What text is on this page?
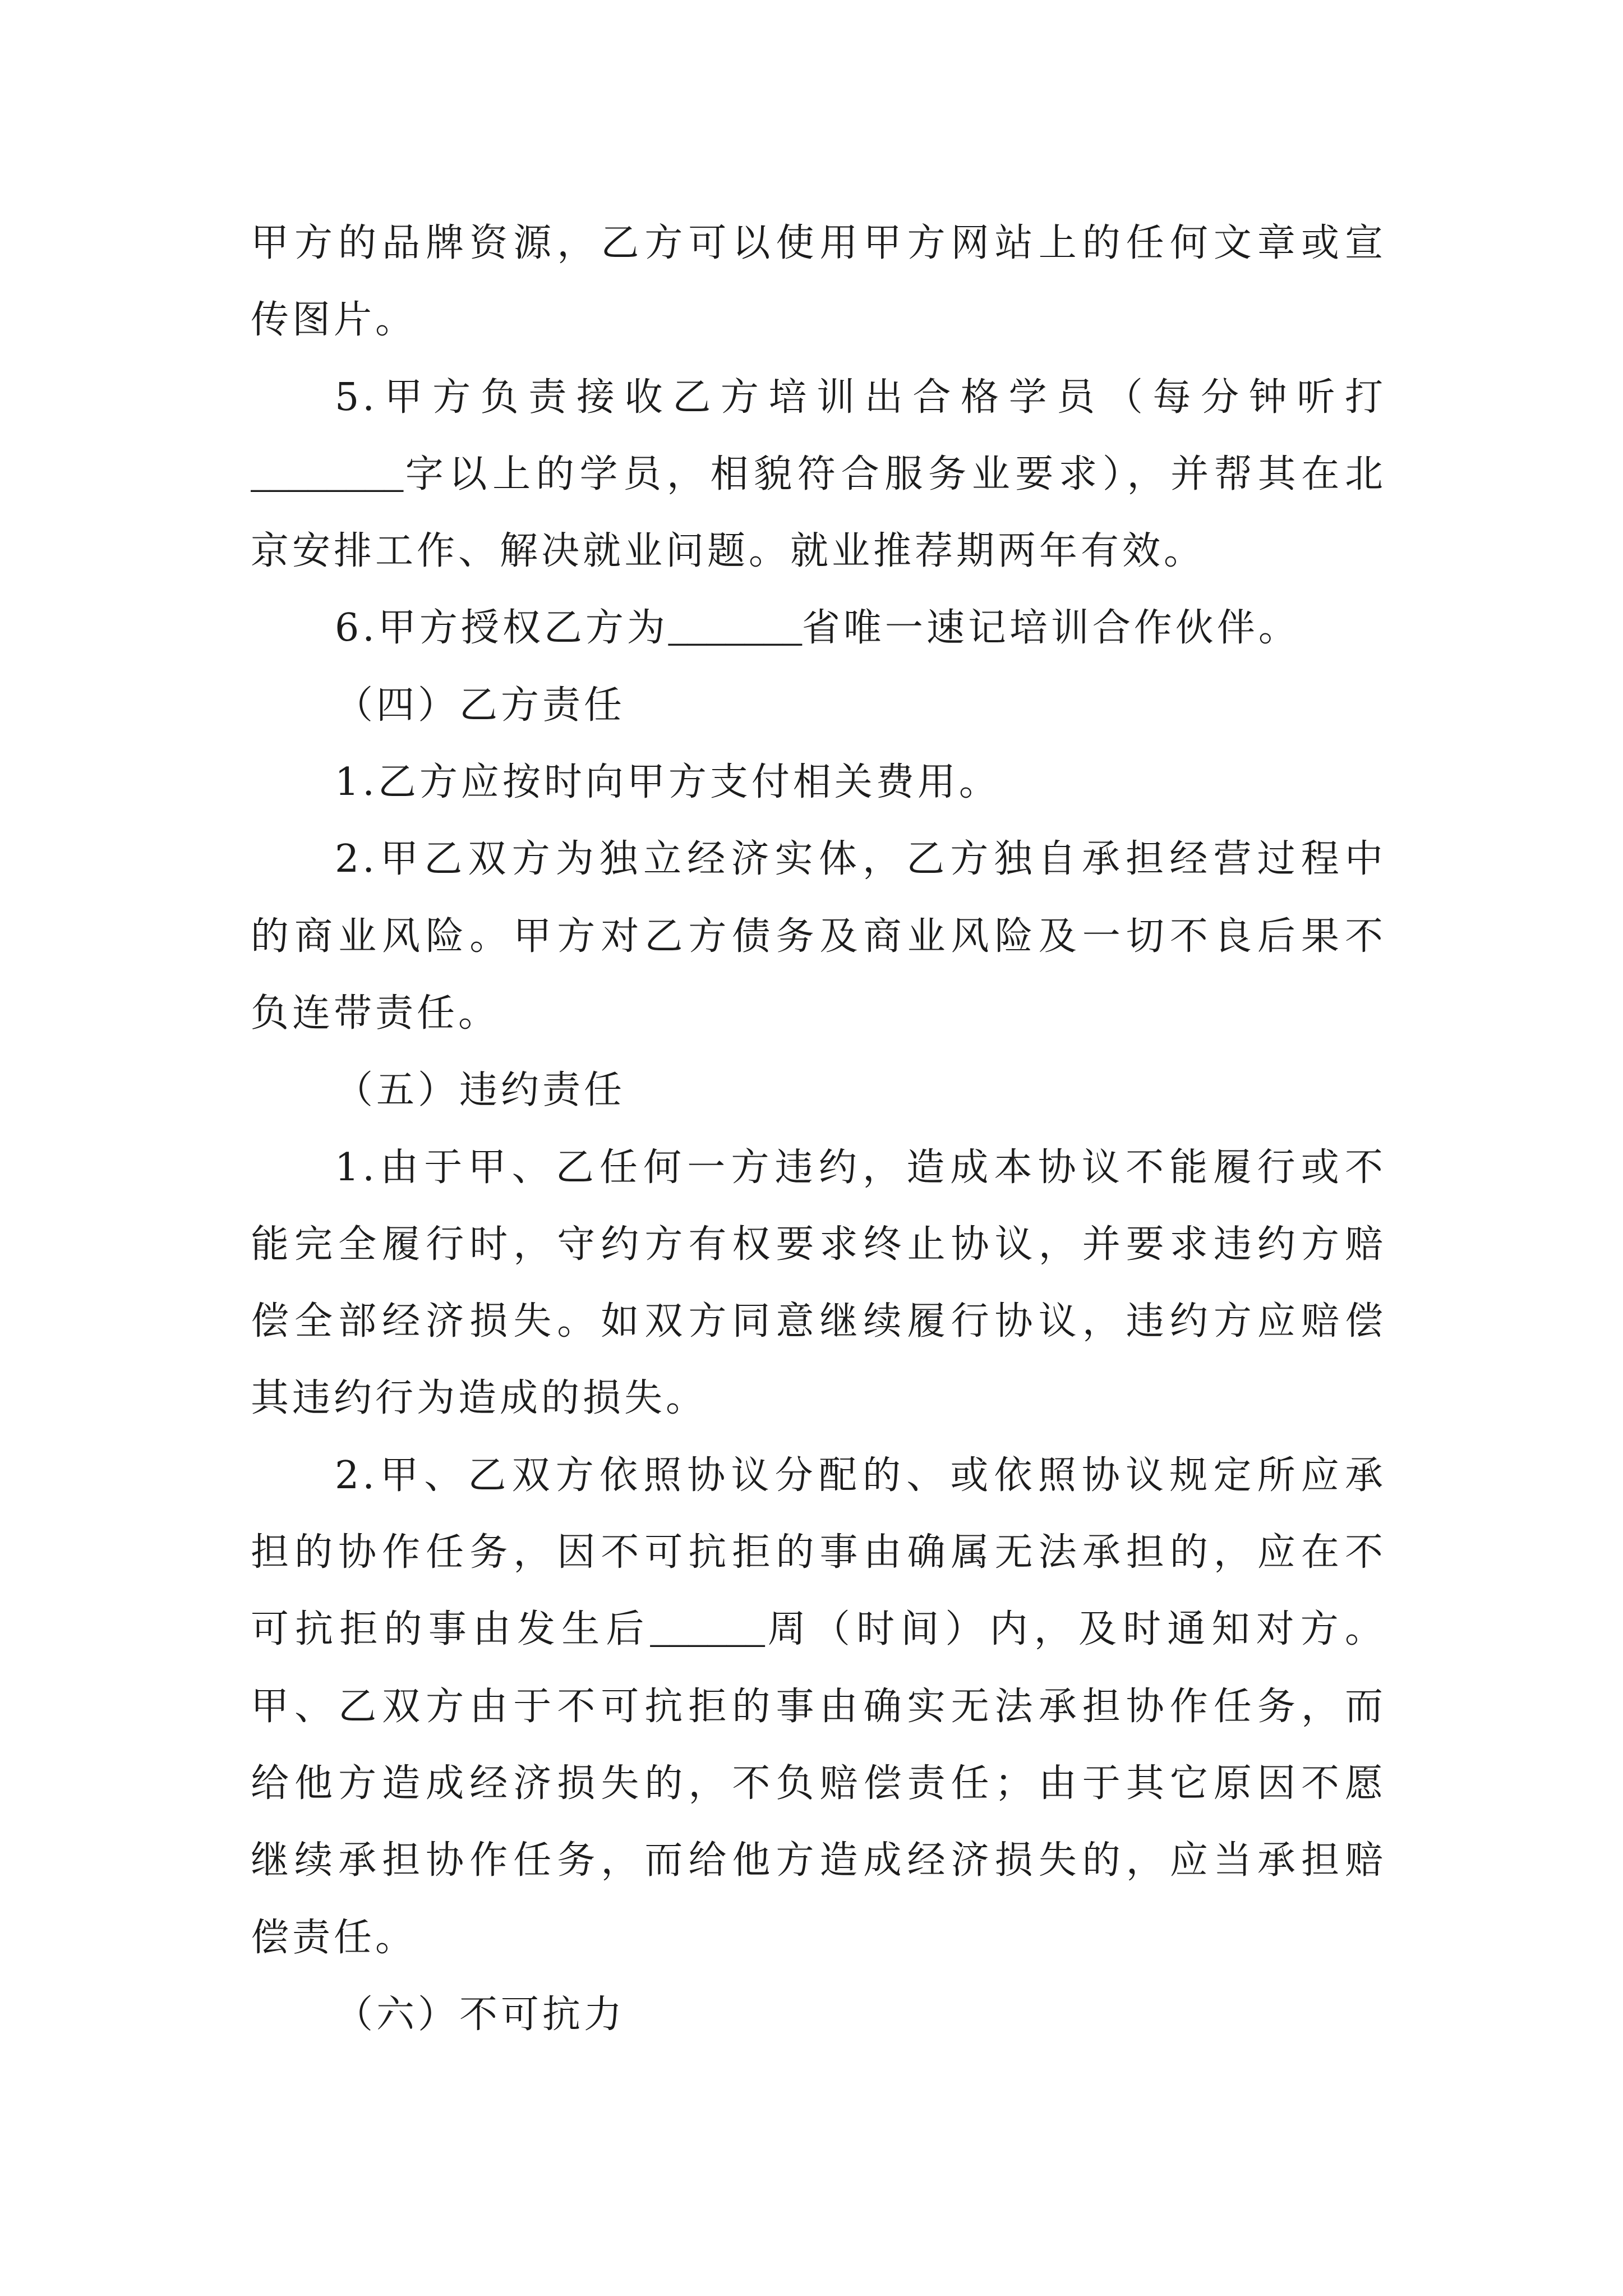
甲方的品牌资源，乙方可以使用甲方网站上的任何文章或宣
传图片。
5.甲方负责接收乙方培训出合格学员（每分钟听打
________字以上的学员，相貌符合服务业要求），并帮其在北
京安排工作、解决就业问题。就业推荐期两年有效。
6.甲方授权乙方为_______省唯一速记培训合作伙伴。
（四）乙方责任
1.乙方应按时向甲方支付相关费用。
2.甲乙双方为独立经济实体，乙方独自承担经营过程中
的商业风险。甲方对乙方债务及商业风险及一切不良后果不
负连带责任。
（五）违约责任
1.由于甲、乙任何一方违约，造成本协议不能履行或不
能完全履行时，守约方有权要求终止协议，并要求违约方赔
偿全部经济损失。如双方同意继续履行协议，违约方应赔偿
其违约行为造成的损失。
2.甲、乙双方依照协议分配的、或依照协议规定所应承
担的协作任务，因不可抗拒的事由确属无法承担的，应在不
可抗拒的事由发生后______周（时间）内，及时通知对方。
甲、乙双方由于不可抗拒的事由确实无法承担协作任务，而
给他方造成经济损失的，不负赔偿责任；由于其它原因不愿
继续承担协作任务，而给他方造成经济损失的，应当承担赔
偿责任。
（六）不可抗力
